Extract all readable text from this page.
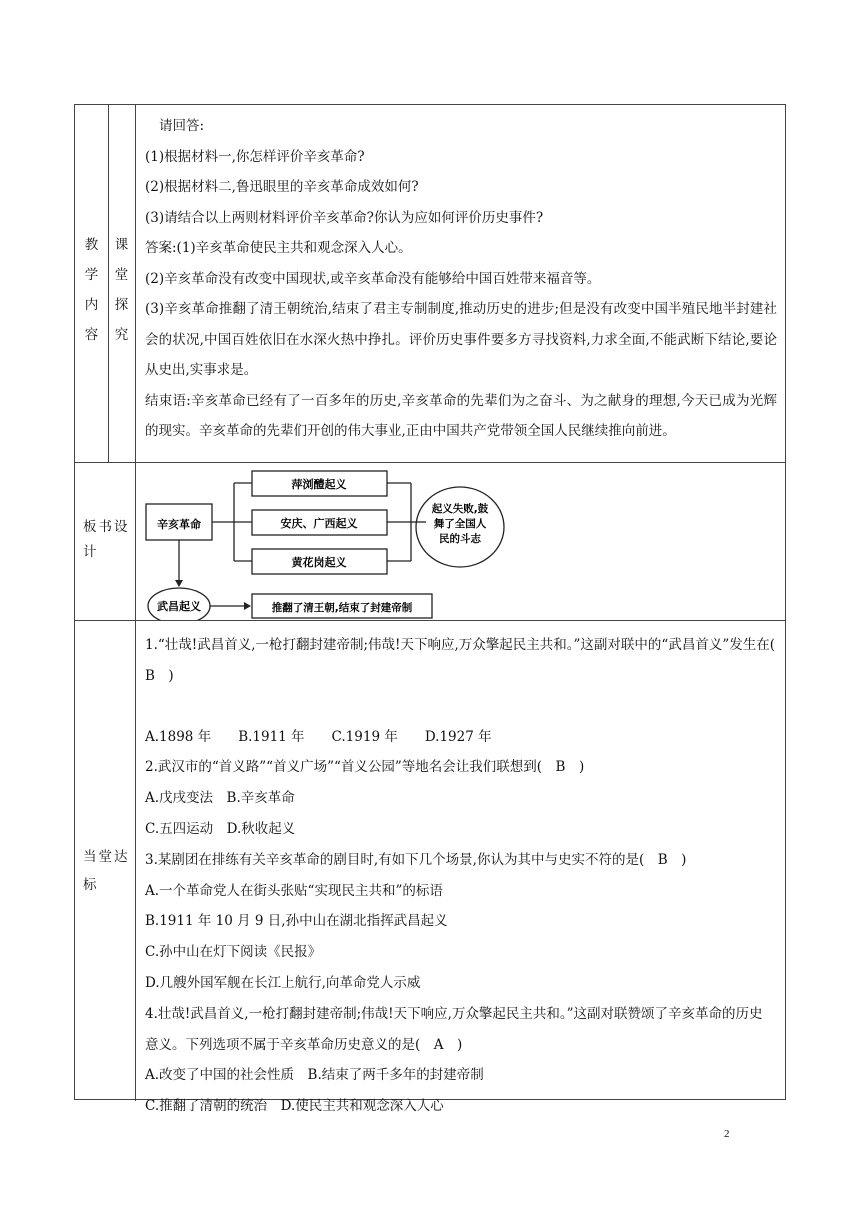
教
学
内
容
课
堂
探
究
请回答:
(1)根据材料一,你怎样评价辛亥革命?
(2)根据材料二,鲁迅眼里的辛亥革命成效如何?
(3)请结合以上两则材料评价辛亥革命?你认为应如何评价历史事件?
答案:(1)辛亥革命使民主共和观念深入人心。
(2)辛亥革命没有改变中国现状,或辛亥革命没有能够给中国百姓带来福音等。
(3)辛亥革命推翻了清王朝统治,结束了君主专制制度,推动历史的进步;但是没有改变中国半殖民地半封建社会的状况,中国百姓依旧在水深火热中挣扎。评价历史事件要多方寻找资料,力求全面,不能武断下结论,要论从史出,实事求是。
结束语:辛亥革命已经有了一百多年的历史,辛亥革命的先辈们为之奋斗、为之献身的理想,今天已成为光辉的现实。辛亥革命的先辈们开创的伟大事业,正由中国共产党带领全国人民继续推向前进。
板书设计
辛亥革命
萍浏醴起义
安庆、广西起义
黄花岗起义
起义失败,鼓
舞了全国人
民的斗志
武昌起义	推翻了清王朝,结束了封建帝制
当堂达标
1.“壮哉!武昌首义,一枪打翻封建帝制;伟哉!天下响应,万众擎起民主共和。”这副对联中的“武昌首义”发生在(　B　)
A.1898 年　　B.1911 年　　C.1919 年　　D.1927 年
2.武汉市的“首义路”“首义广场”“首义公园”等地名会让我们联想到(　B　)
A.戊戌变法　B.辛亥革命
C.五四运动　D.秋收起义
3.某剧团在排练有关辛亥革命的剧目时,有如下几个场景,你认为其中与史实不符的是(　B　)
A.一个革命党人在街头张贴“实现民主共和”的标语
B.1911 年 10 月 9 日,孙中山在湖北指挥武昌起义
C.孙中山在灯下阅读《民报》
D.几艘外国军舰在长江上航行,向革命党人示威
4.壮哉!武昌首义,一枪打翻封建帝制;伟哉!天下响应,万众擎起民主共和。”这副对联赞颂了辛亥革命的历史意义。下列选项不属于辛亥革命历史意义的是(　A　)
A.改变了中国的社会性质　B.结束了两千多年的封建帝制
C.推翻了清朝的统治　D.使民主共和观念深入人心
2
